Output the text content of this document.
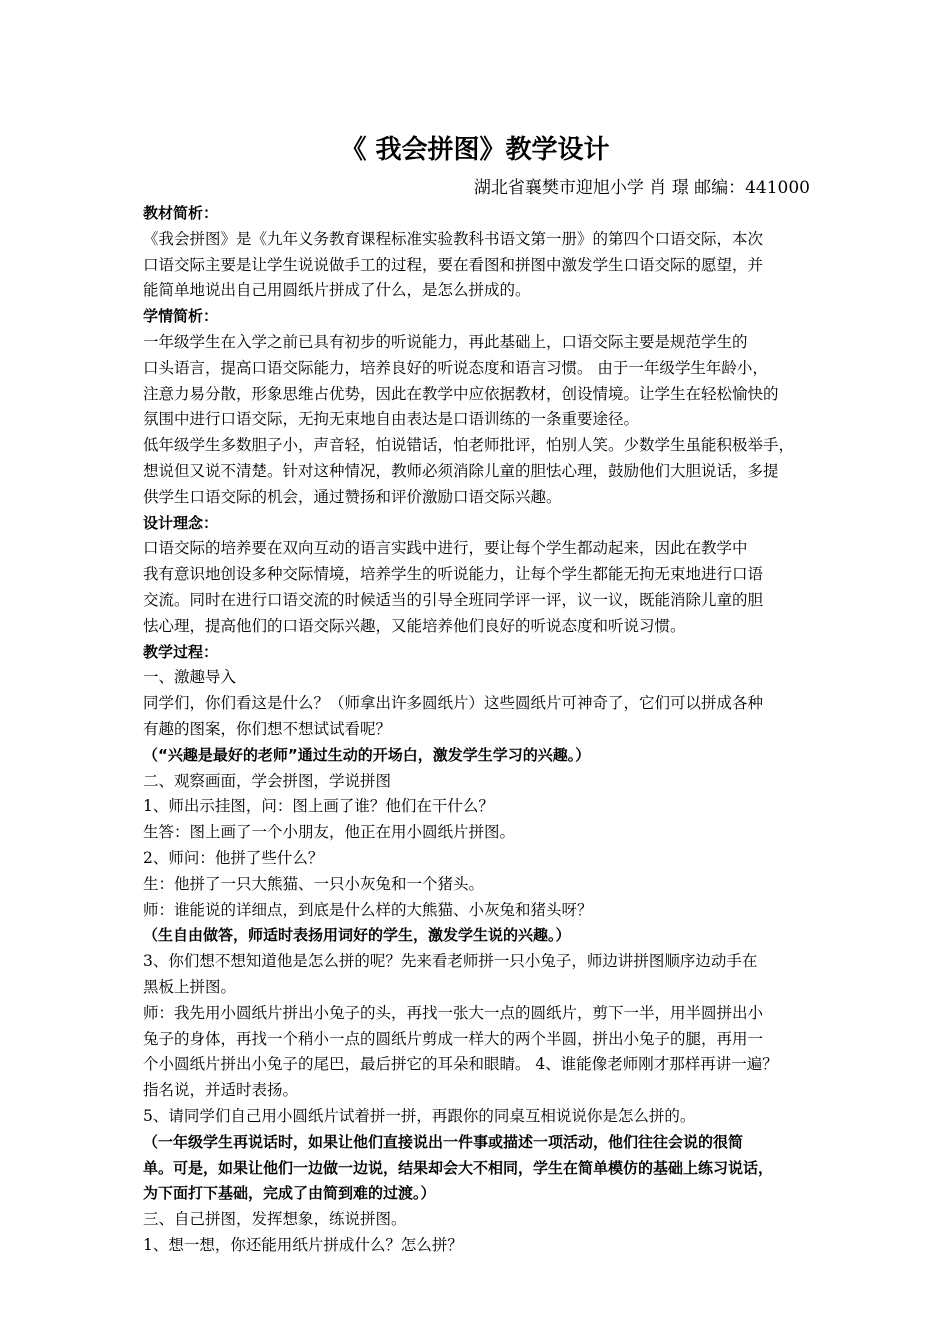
《 我会拼图》教学设计
湖北省襄樊市迎旭小学 肖 璟 邮编：441000
教材简析：
《我会拼图》是《九年义务教育课程标准实验教科书语文第一册》的第四个口语交际，本次
口语交际主要是让学生说说做手工的过程，要在看图和拼图中激发学生口语交际的愿望，并
能简单地说出自己用圆纸片拼成了什么，是怎么拼成的。
学情简析：
一年级学生在入学之前已具有初步的听说能力，再此基础上，口语交际主要是规范学生的
口头语言，提高口语交际能力，培养良好的听说态度和语言习惯。 由于一年级学生年龄小，
注意力易分散，形象思维占优势，因此在教学中应依据教材，创设情境。让学生在轻松愉快的
氛围中进行口语交际，无拘无束地自由表达是口语训练的一条重要途径。
低年级学生多数胆子小，声音轻，怕说错话，怕老师批评，怕别人笑。少数学生虽能积极举手，
想说但又说不清楚。针对这种情况，教师必须消除儿童的胆怯心理，鼓励他们大胆说话，多提
供学生口语交际的机会，通过赞扬和评价激励口语交际兴趣。
设计理念：
口语交际的培养要在双向互动的语言实践中进行，要让每个学生都动起来，因此在教学中
我有意识地创设多种交际情境，培养学生的听说能力，让每个学生都能无拘无束地进行口语
交流。同时在进行口语交流的时候适当的引导全班同学评一评，议一议，既能消除儿童的胆
怯心理，提高他们的口语交际兴趣，又能培养他们良好的听说态度和听说习惯。
教学过程：
一、激趣导入
同学们，你们看这是什么？（师拿出许多圆纸片）这些圆纸片可神奇了，它们可以拼成各种
有趣的图案，你们想不想试试看呢？
（“兴趣是最好的老师”通过生动的开场白，激发学生学习的兴趣。）
二、观察画面，学会拼图，学说拼图
1、师出示挂图，问：图上画了谁？他们在干什么？
生答：图上画了一个小朋友，他正在用小圆纸片拼图。
2、师问：他拼了些什么？
生：他拼了一只大熊猫、一只小灰兔和一个猪头。
师：谁能说的详细点，到底是什么样的大熊猫、小灰兔和猪头呀？
（生自由做答，师适时表扬用词好的学生，激发学生说的兴趣。）
3、你们想不想知道他是怎么拼的呢？先来看老师拼一只小兔子，师边讲拼图顺序边动手在
黑板上拼图。
师：我先用小圆纸片拼出小兔子的头，再找一张大一点的圆纸片，剪下一半，用半圆拼出小
兔子的身体，再找一个稍小一点的圆纸片剪成一样大的两个半圆，拼出小兔子的腿，再用一
个小圆纸片拼出小兔子的尾巴，最后拼它的耳朵和眼睛。 4、谁能像老师刚才那样再讲一遍？
指名说，并适时表扬。
5、请同学们自己用小圆纸片试着拼一拼，再跟你的同桌互相说说你是怎么拼的。
（一年级学生再说话时，如果让他们直接说出一件事或描述一项活动，他们往往会说的很简
单。可是，如果让他们一边做一边说，结果却会大不相同，学生在简单模仿的基础上练习说话，
为下面打下基础，完成了由简到难的过渡。）
三、自己拼图，发挥想象，练说拼图。
1、想一想，你还能用纸片拼成什么？怎么拼？
